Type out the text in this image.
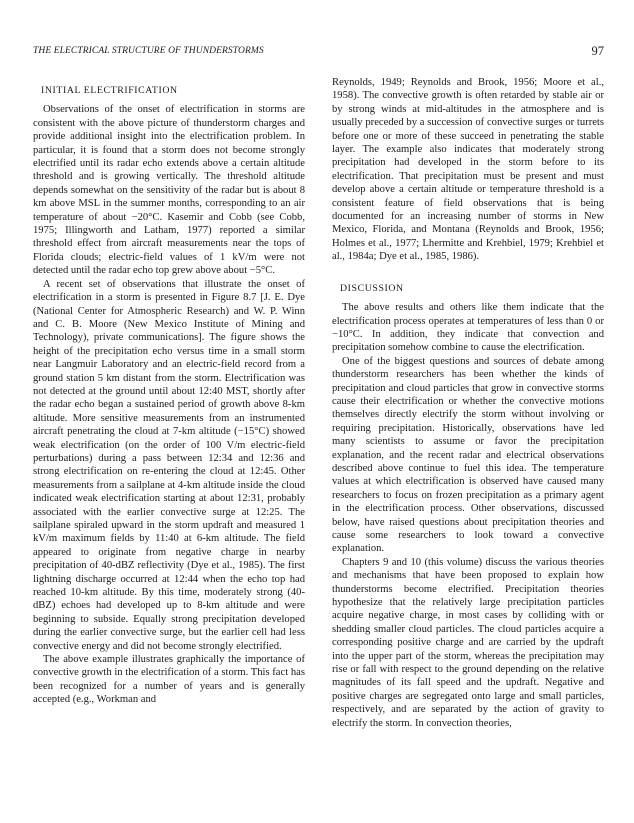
THE ELECTRICAL STRUCTURE OF THUNDERSTORMS	97
INITIAL ELECTRIFICATION

Observations of the onset of electrification in storms are consistent with the above picture of thunderstorm charges and provide additional insight into the electrification problem. In particular, it is found that a storm does not become strongly electrified until its radar echo extends above a certain altitude threshold and is growing vertically. The threshold altitude depends somewhat on the sensitivity of the radar but is about 8 km above MSL in the summer months, corresponding to an air temperature of about −20°C. Kasemir and Cobb (see Cobb, 1975; Illingworth and Latham, 1977) reported a similar threshold effect from aircraft measurements near the tops of Florida clouds; electric-field values of 1 kV/m were not detected until the radar echo top grew above about −5°C.

A recent set of observations that illustrate the onset of electrification in a storm is presented in Figure 8.7 [J. E. Dye (National Center for Atmospheric Research) and W. P. Winn and C. B. Moore (New Mexico Institute of Mining and Technology), private communications]. The figure shows the height of the precipitation echo versus time in a small storm near Langmuir Laboratory and an electric-field record from a ground station 5 km distant from the storm. Electrification was not detected at the ground until about 12:40 MST, shortly after the radar echo began a sustained period of growth above 8-km altitude. More sensitive measurements from an instrumented aircraft penetrating the cloud at 7-km altitude (−15°C) showed weak electrification (on the order of 100 V/m electric-field perturbations) during a pass between 12:34 and 12:36 and strong electrification on re-entering the cloud at 12:45. Other measurements from a sailplane at 4-km altitude inside the cloud indicated weak electrification starting at about 12:31, probably associated with the earlier convective surge at 12:25. The sailplane spiraled upward in the storm updraft and measured 1 kV/m maximum fields by 11:40 at 6-km altitude. The field appeared to originate from negative charge in nearby precipitation of 40-dBZ reflectivity (Dye et al., 1985). The first lightning discharge occurred at 12:44 when the echo top had reached 10-km altitude. By this time, moderately strong (40-dBZ) echoes had developed up to 8-km altitude and were beginning to subside. Equally strong precipitation developed during the earlier convective surge, but the earlier cell had less convective energy and did not become strongly electrified.

The above example illustrates graphically the importance of convective growth in the electrification of a storm. This fact has been recognized for a number of years and is generally accepted (e.g., Workman and

Reynolds, 1949; Reynolds and Brook, 1956; Moore et al., 1958). The convective growth is often retarded by stable air or by strong winds at mid-altitudes in the atmosphere and is usually preceded by a succession of convective surges or turrets before one or more of these succeed in penetrating the stable layer. The example also indicates that moderately strong precipitation had developed in the storm before to its electrification. That precipitation must be present and must develop above a certain altitude or temperature threshold is a consistent feature of field observations that is being documented for an increasing number of storms in New Mexico, Florida, and Montana (Reynolds and Brook, 1956; Holmes et al., 1977; Lhermitte and Krehbiel, 1979; Krehbiel et al., 1984a; Dye et al., 1985, 1986).

DISCUSSION

The above results and others like them indicate that the electrification process operates at temperatures of less than 0 or −10°C. In addition, they indicate that convection and precipitation somehow combine to cause the electrification.

One of the biggest questions and sources of debate among thunderstorm researchers has been whether the kinds of precipitation and cloud particles that grow in convective storms cause their electrification or whether the convective motions themselves directly electrify the storm without involving or requiring precipitation. Historically, observations have led many scientists to assume or favor the precipitation explanation, and the recent radar and electrical observations described above continue to fuel this idea. The temperature values at which electrification is observed have caused many researchers to focus on frozen precipitation as a primary agent in the electrification process. Other observations, discussed below, have raised questions about precipitation theories and cause some researchers to look toward a convective explanation.

Chapters 9 and 10 (this volume) discuss the various theories and mechanisms that have been proposed to explain how thunderstorms become electrified. Precipitation theories hypothesize that the relatively large precipitation particles acquire negative charge, in most cases by colliding with or shedding smaller cloud particles. The cloud particles acquire a corresponding positive charge and are carried by the updraft into the upper part of the storm, whereas the precipitation may rise or fall with respect to the ground depending on the relative magnitudes of its fall speed and the updraft. Negative and positive charges are segregated onto large and small particles, respectively, and are separated by the action of gravity to electrify the storm. In convection theories,
